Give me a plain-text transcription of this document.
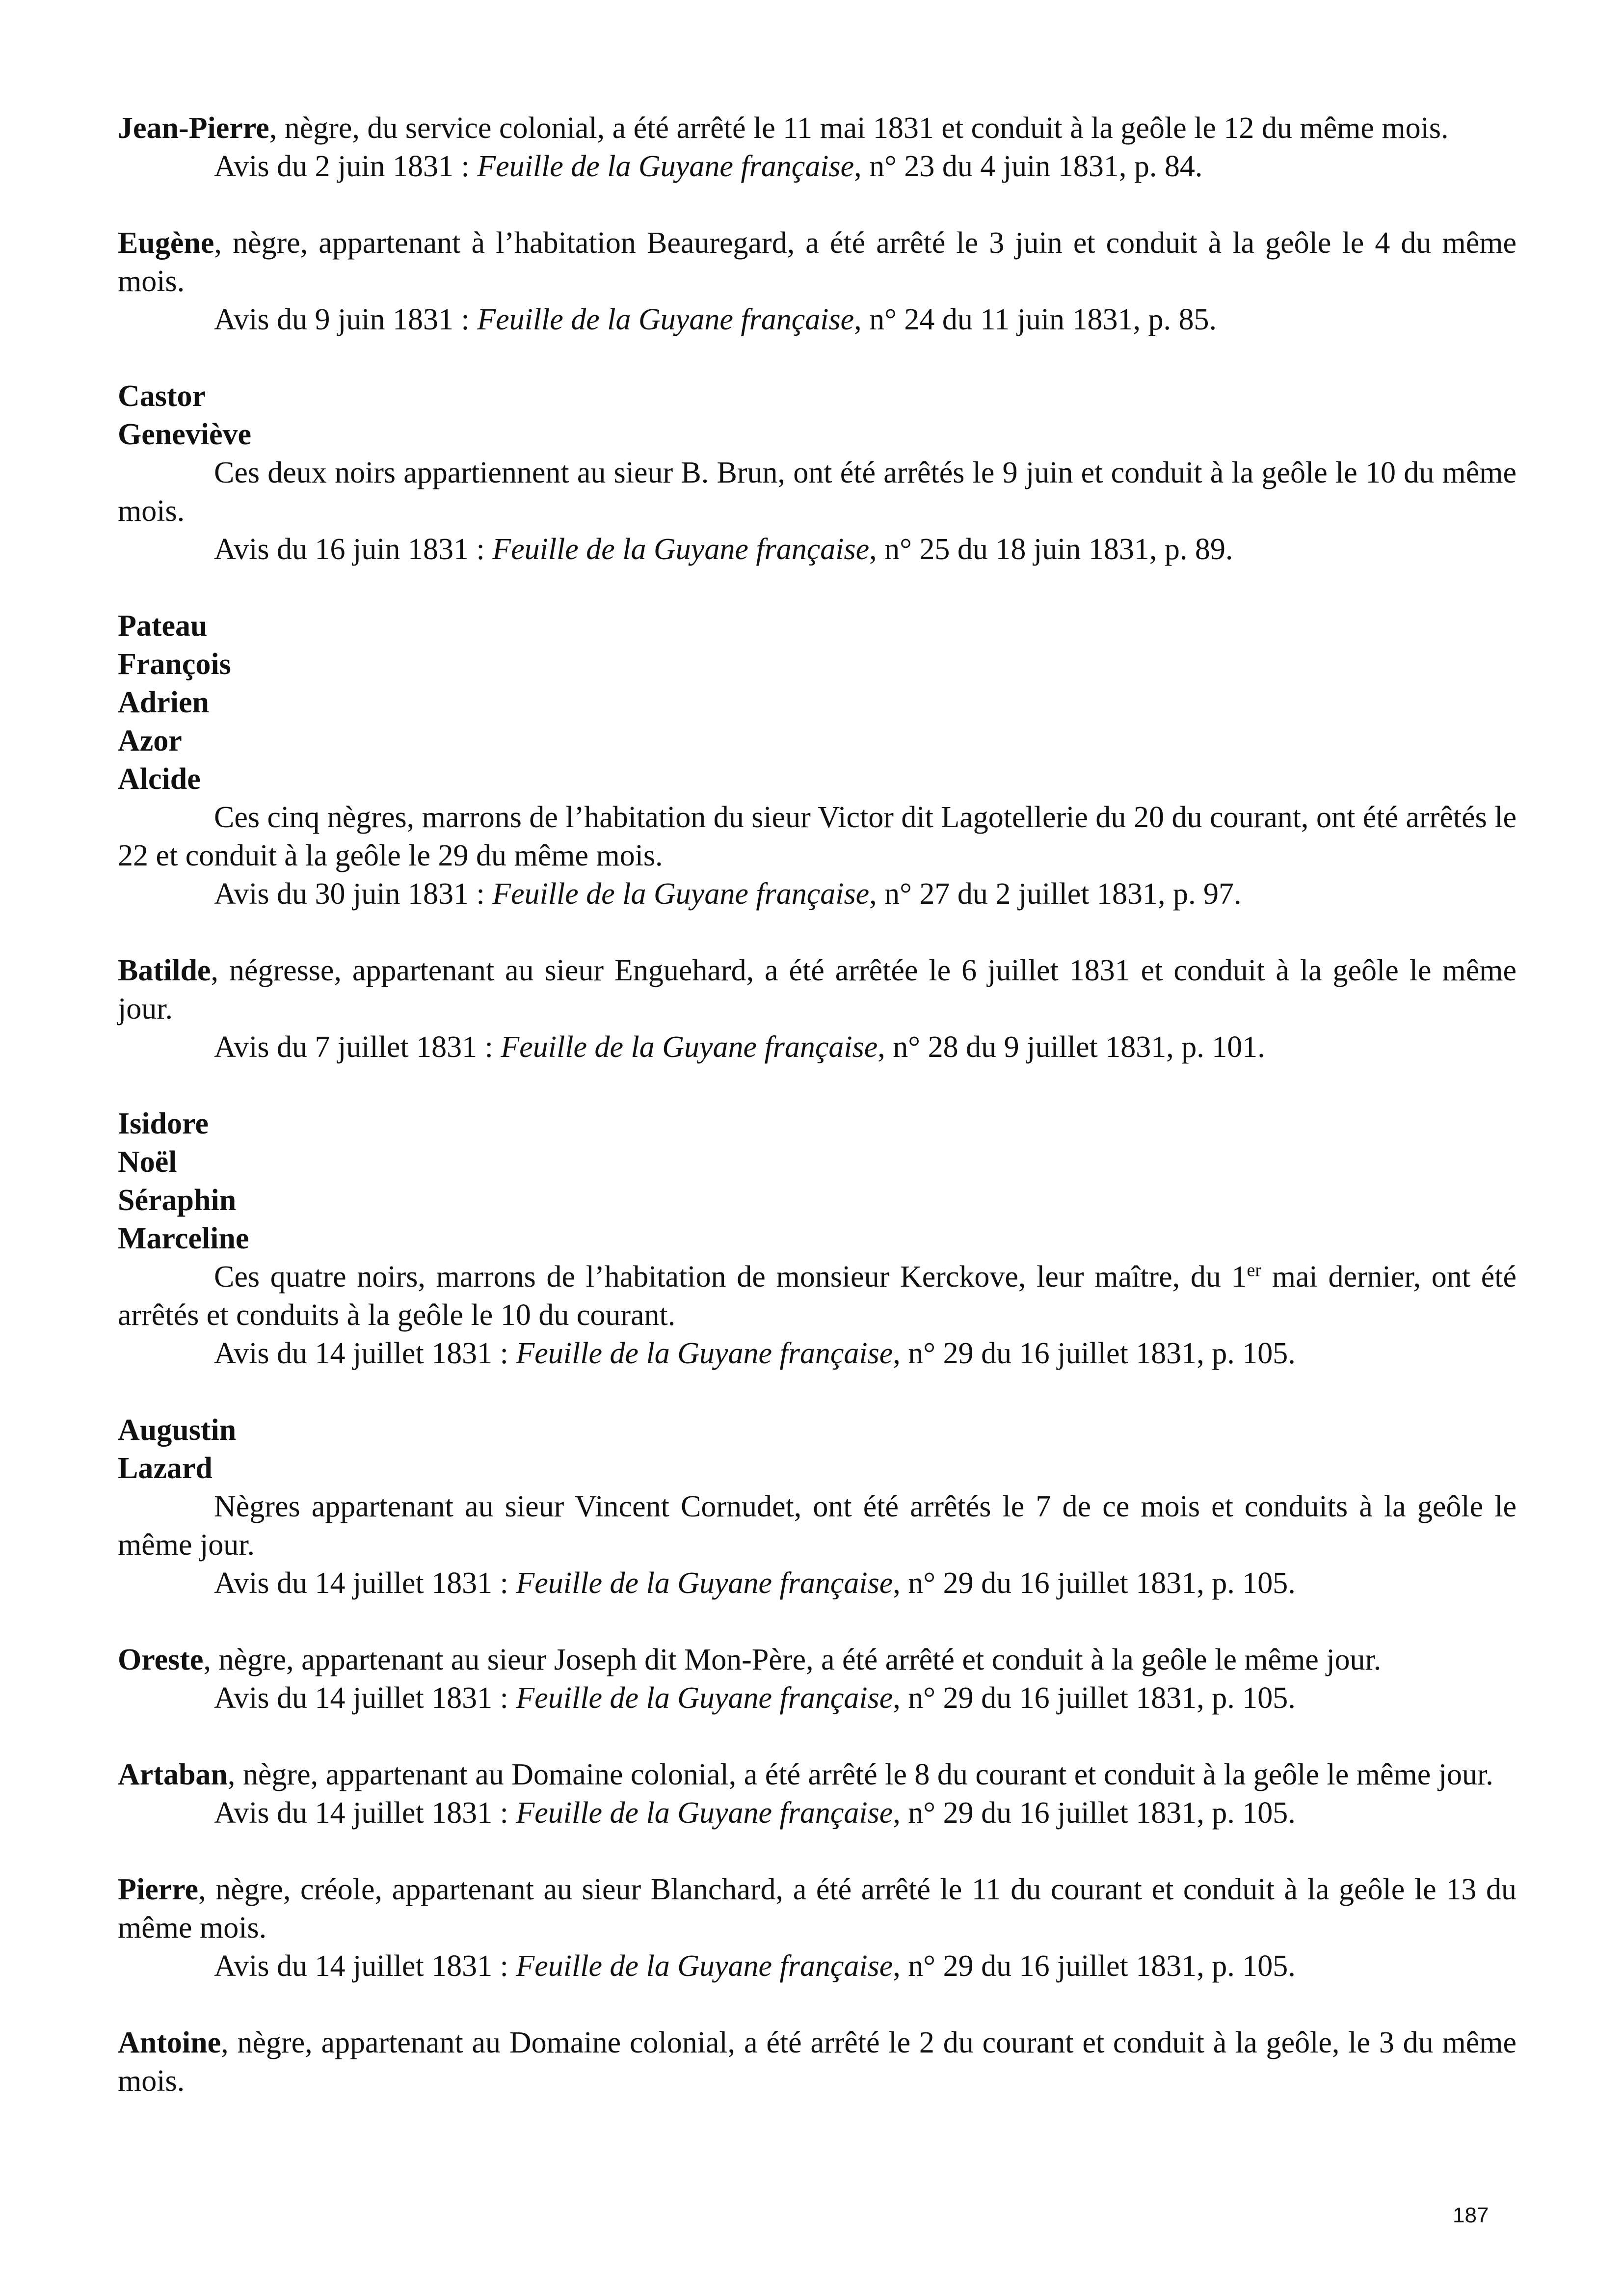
Jean-Pierre, nègre, du service colonial, a été arrêté le 11 mai 1831 et conduit à la geôle le 12 du même mois.

Avis du 2 juin 1831 : Feuille de la Guyane française, n° 23 du 4 juin 1831, p. 84.

Eugène, nègre, appartenant à l’habitation Beauregard, a été arrêté le 3 juin et conduit à la geôle le 4 du même mois.

Avis du 9 juin 1831 : Feuille de la Guyane française, n° 24 du 11 juin 1831, p. 85.

Castor
Geneviève

Ces deux noirs appartiennent au sieur B. Brun, ont été arrêtés le 9 juin et conduit à la geôle le 10 du même mois.

Avis du 16 juin 1831 : Feuille de la Guyane française, n° 25 du 18 juin 1831, p. 89.

Pateau
François
Adrien
Azor
Alcide

Ces cinq nègres, marrons de l’habitation du sieur Victor dit Lagotellerie du 20 du courant, ont été arrêtés le 22 et conduit à la geôle le 29 du même mois.

Avis du 30 juin 1831 : Feuille de la Guyane française, n° 27 du 2 juillet 1831, p. 97.

Batilde, négresse, appartenant au sieur Enguehard, a été arrêtée le 6 juillet 1831 et conduit à la geôle le même jour.

Avis du 7 juillet 1831 : Feuille de la Guyane française, n° 28 du 9 juillet 1831, p. 101.

Isidore
Noël
Séraphin
Marceline

Ces quatre noirs, marrons de l’habitation de monsieur Kerckove, leur maître, du 1er mai dernier, ont été arrêtés et conduits à la geôle le 10 du courant.

Avis du 14 juillet 1831 : Feuille de la Guyane française, n° 29 du 16 juillet 1831, p. 105.

Augustin
Lazard

Nègres appartenant au sieur Vincent Cornudet, ont été arrêtés le 7 de ce mois et conduits à la geôle le même jour.

Avis du 14 juillet 1831 : Feuille de la Guyane française, n° 29 du 16 juillet 1831, p. 105.

Oreste, nègre, appartenant au sieur Joseph dit Mon-Père, a été arrêté et conduit à la geôle le même jour.

Avis du 14 juillet 1831 : Feuille de la Guyane française, n° 29 du 16 juillet 1831, p. 105.

Artaban, nègre, appartenant au Domaine colonial, a été arrêté le 8 du courant et conduit à la geôle le même jour.

Avis du 14 juillet 1831 : Feuille de la Guyane française, n° 29 du 16 juillet 1831, p. 105.

Pierre, nègre, créole, appartenant au sieur Blanchard, a été arrêté le 11 du courant et conduit à la geôle le 13 du même mois.

Avis du 14 juillet 1831 : Feuille de la Guyane française, n° 29 du 16 juillet 1831, p. 105.

Antoine, nègre, appartenant au Domaine colonial, a été arrêté le 2 du courant et conduit à la geôle, le 3 du même mois.

187
